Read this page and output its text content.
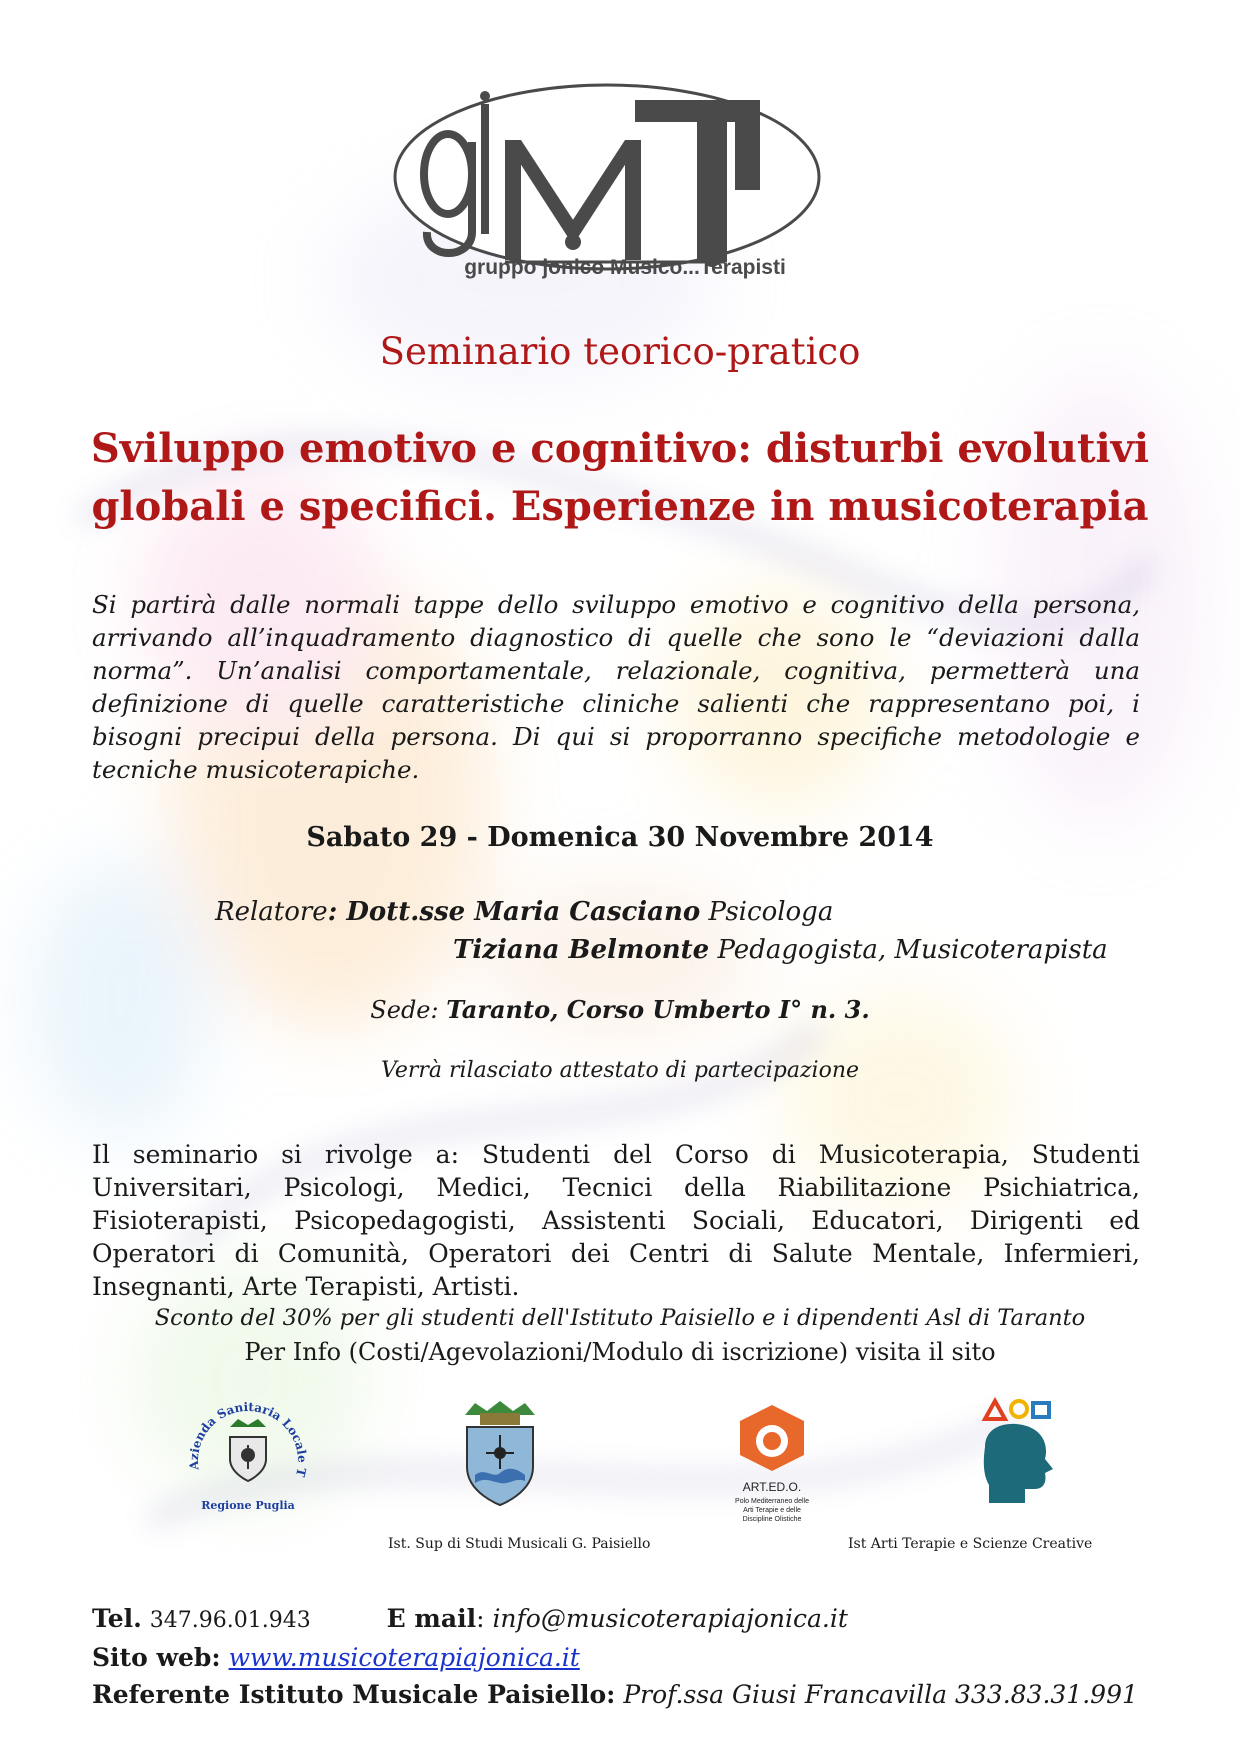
gruppo jonico Musico...Terapisti
Seminario teorico-pratico
Sviluppo emotivo e cognitivo: disturbi evolutivi
globali e specifici. Esperienze in musicoterapia
Si partirà dalle normali tappe dello sviluppo emotivo e cognitivo della persona, arrivando all’inquadramento diagnostico di quelle che sono le “deviazioni dalla norma”. Un’analisi comportamentale, relazionale, cognitiva, permetterà una definizione di quelle caratteristiche cliniche salienti che rappresentano poi, i bisogni precipui della persona. Di qui si proporranno specifiche metodologie e tecniche musicoterapiche.
Sabato 29 - Domenica 30 Novembre 2014
Relatore: Dott.sse Maria Casciano Psicologa
Tiziana Belmonte Pedagogista, Musicoterapista
Sede: Taranto, Corso Umberto I° n. 3.
Verrà rilasciato attestato di partecipazione
Il seminario si rivolge a: Studenti del Corso di Musicoterapia, Studenti Universitari, Psicologi, Medici, Tecnici della Riabilitazione Psichiatrica, Fisioterapisti, Psicopedagogisti, Assistenti Sociali, Educatori, Dirigenti ed Operatori di Comunità, Operatori dei Centri di Salute Mentale, Infermieri, Insegnanti, Arte Terapisti, Artisti.
Sconto del 30% per gli studenti dell'Istituto Paisiello e i dipendenti Asl di Taranto
Per Info (Costi/Agevolazioni/Modulo di iscrizione) visita il sito
Azienda Sanitaria Locale T
Regione Puglia
ART.ED.O.
Polo Mediterraneo delle
Arti Terapie e delle
Discipline Olistiche
Ist. Sup di Studi Musicali G. Paisiello	Ist Arti Terapie e Scienze Creative
Tel. 347.96.01.943	E mail: info@musicoterapiajonica.it
Sito web: www.musicoterapiajonica.it
Referente Istituto Musicale Paisiello: Prof.ssa Giusi Francavilla 333.83.31.991
